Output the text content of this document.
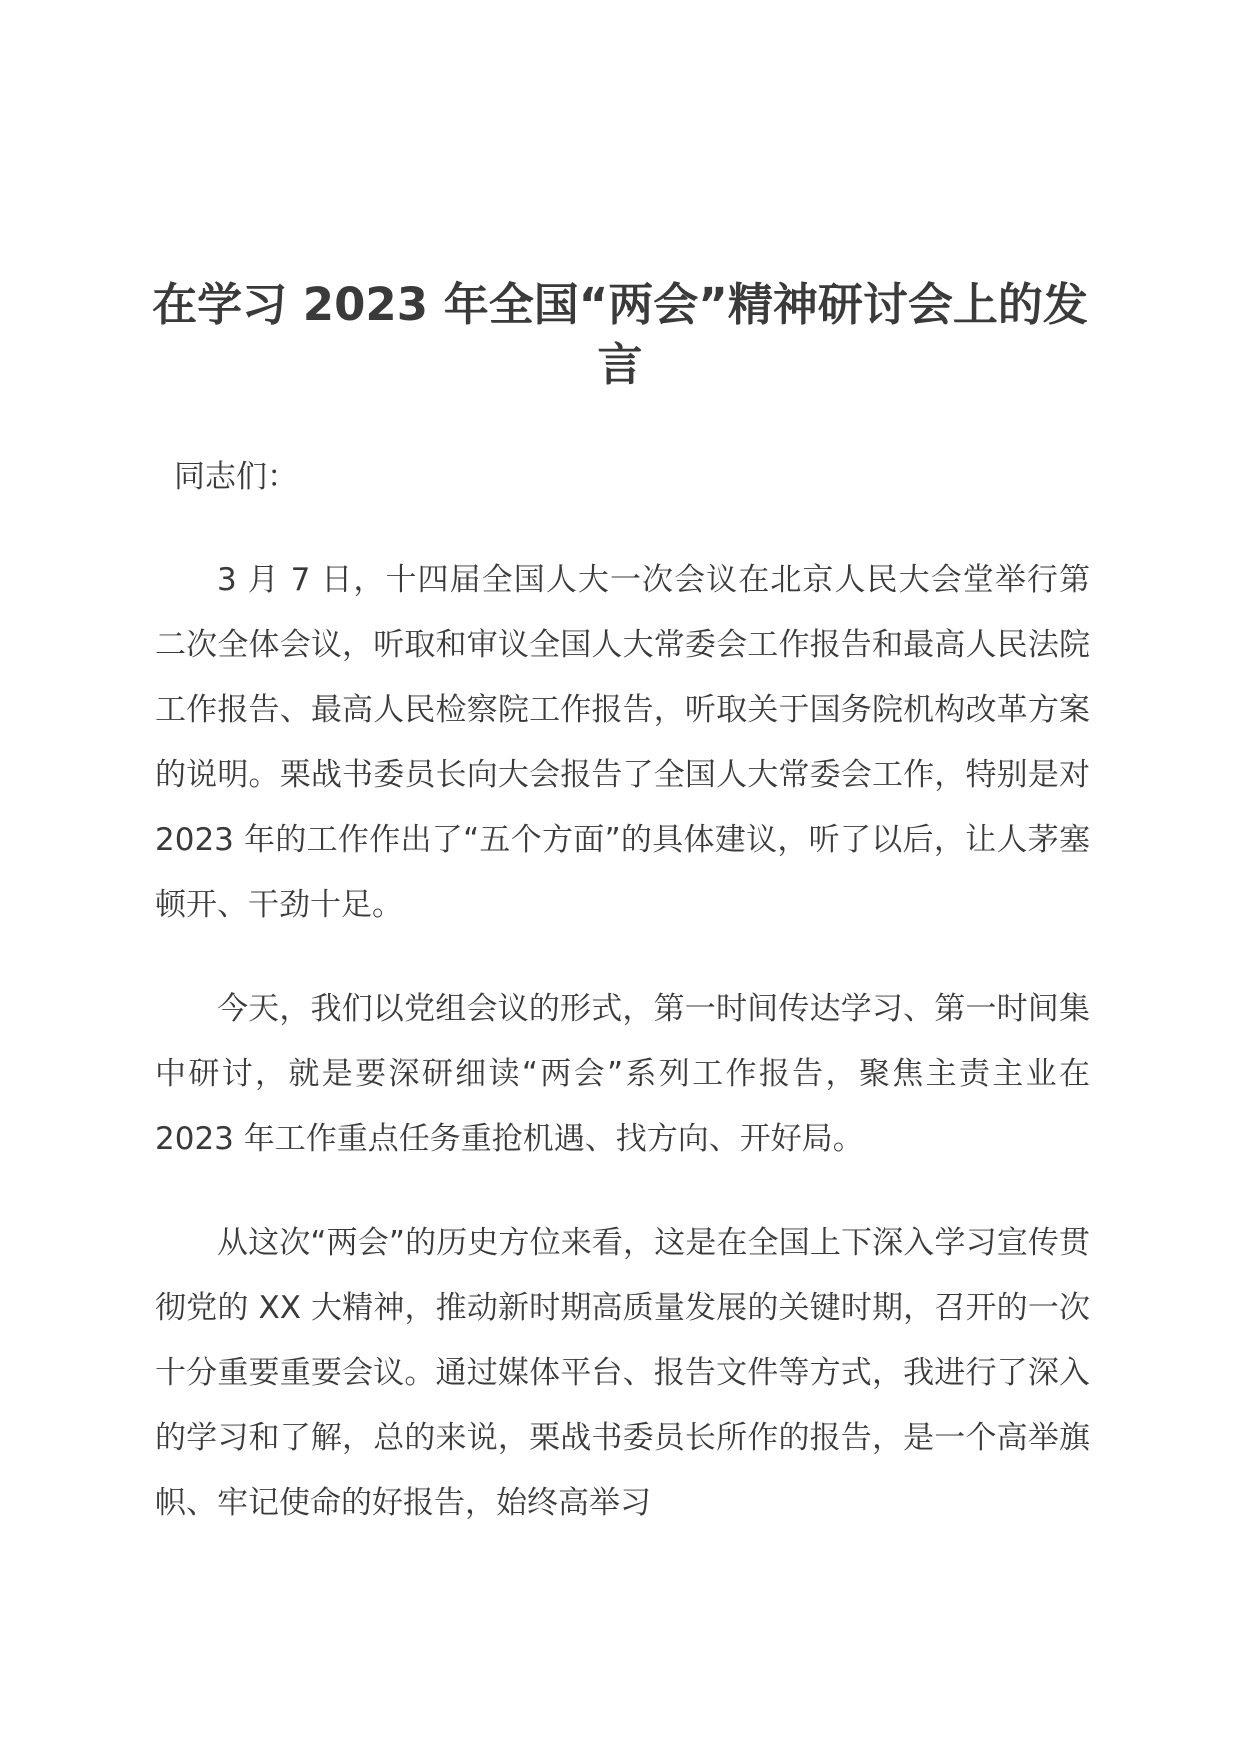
在学习 2023 年全国“两会”精神研讨会上的发言

同志们：

3 月 7 日，十四届全国人大一次会议在北京人民大会堂举行第二次全体会议，听取和审议全国人大常委会工作报告和最高人民法院工作报告、最高人民检察院工作报告，听取关于国务院机构改革方案的说明。栗战书委员长向大会报告了全国人大常委会工作，特别是对 2023 年的工作作出了“五个方面”的具体建议，听了以后，让人茅塞顿开、干劲十足。

今天，我们以党组会议的形式，第一时间传达学习、第一时间集中研讨，就是要深研细读“两会”系列工作报告，聚焦主责主业在 2023 年工作重点任务重抢机遇、找方向、开好局。

从这次“两会”的历史方位来看，这是在全国上下深入学习宣传贯彻党的 XX 大精神，推动新时期高质量发展的关键时期，召开的一次十分重要重要会议。通过媒体平台、报告文件等方式，我进行了深入的学习和了解，总的来说，栗战书委员长所作的报告，是一个高举旗帜、牢记使命的好报告，始终高举习
